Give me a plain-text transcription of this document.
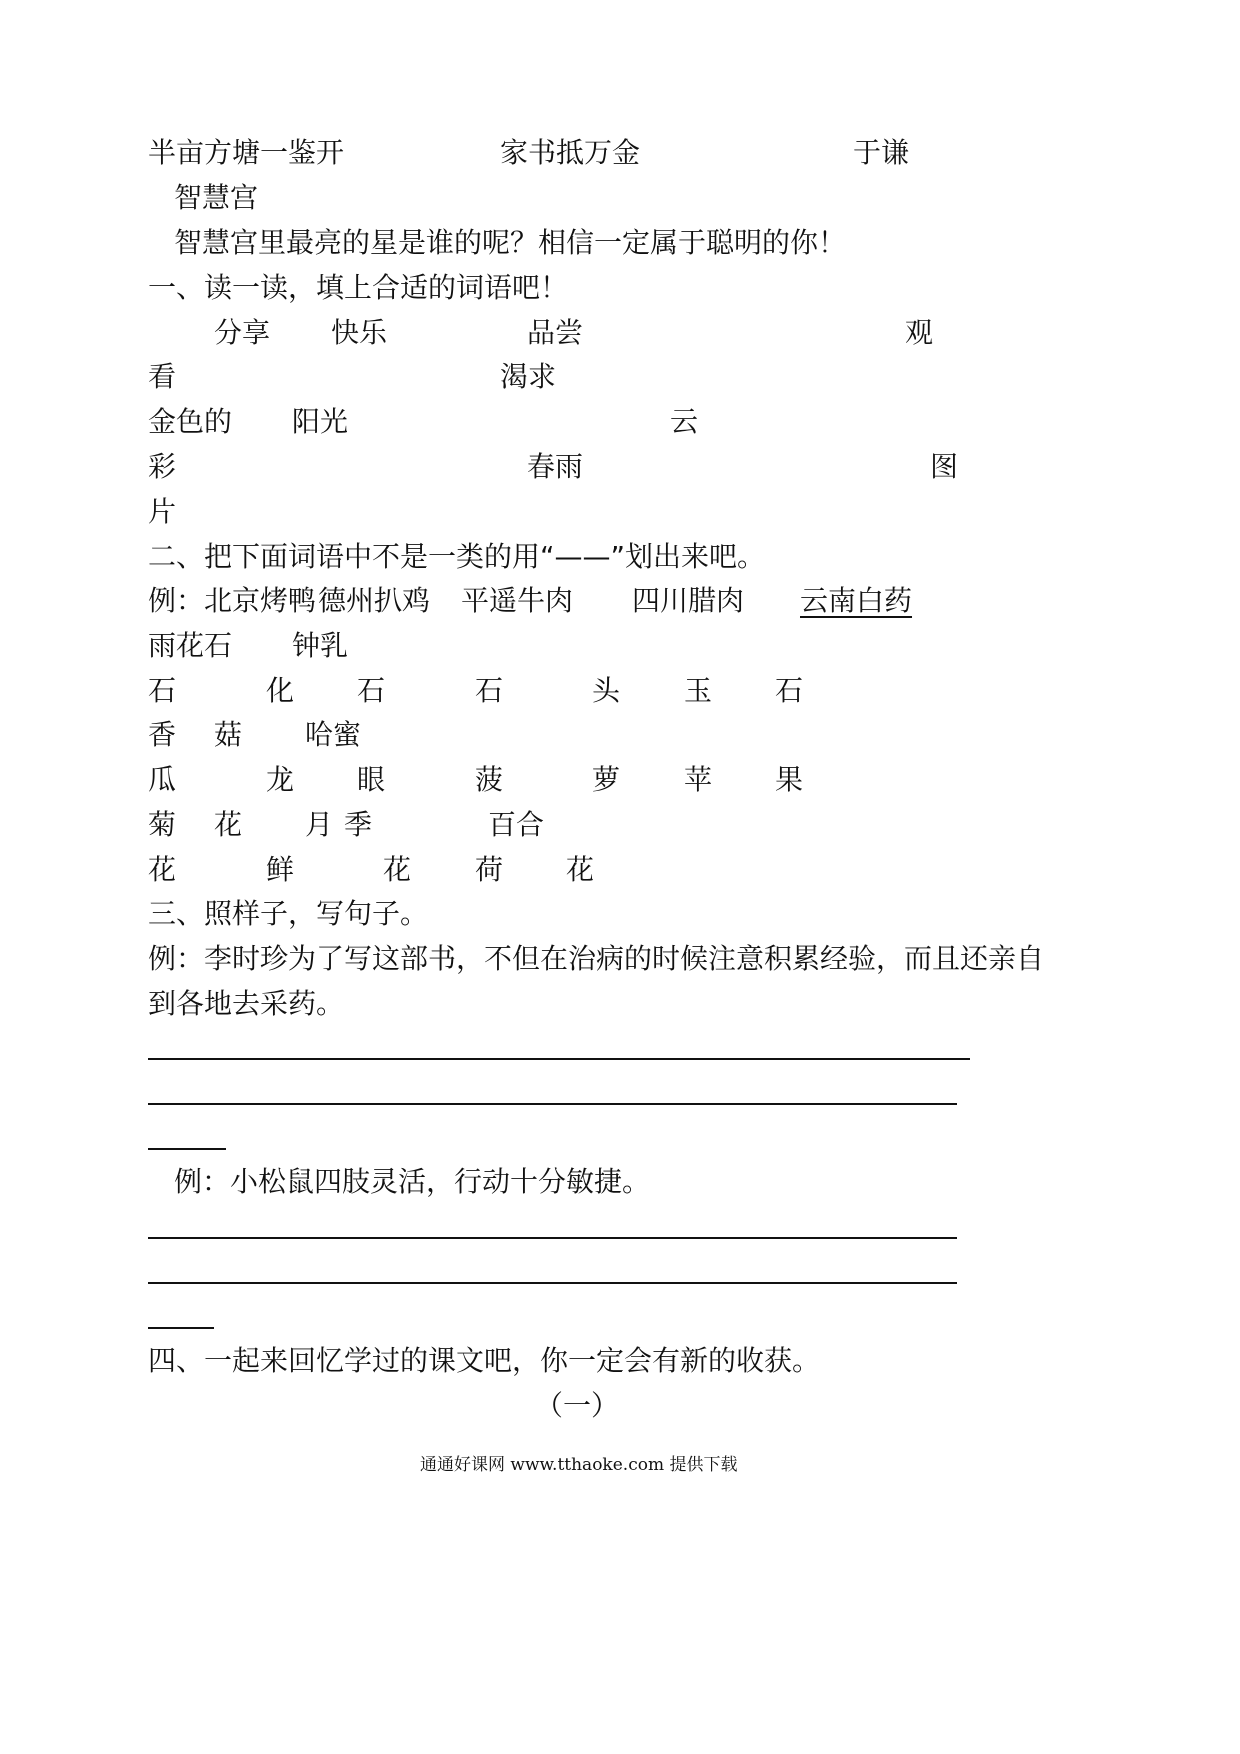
半亩方塘一鉴开	家书抵万金	于谦
智慧宫
智慧宫里最亮的星是谁的呢？相信一定属于聪明的你！
一、读一读，填上合适的词语吧！
分享 快乐	品尝	观
看	渴求
金色的 阳光	云
彩	春雨	图
片
二、把下面词语中不是一类的用“——”划出来吧。
例：北京烤鸭 德州扒鸡 平遥牛肉 四川腊肉 云南白药
雨花石 钟乳
石	化 石	石	头 玉 石
香 菇 哈蜜
瓜	龙 眼	菠	萝 苹 果
菊 花 月 季	百合
花	鲜	花 荷 花
三、照样子，写句子。
例：李时珍为了写这部书，不但在治病的时候注意积累经验，而且还亲自
到各地去采药。
例：小松鼠四肢灵活，行动十分敏捷。
四、一起来回忆学过的课文吧，你一定会有新的收获。
（一）
通通好课网 www.tthaoke.com 提供下载
